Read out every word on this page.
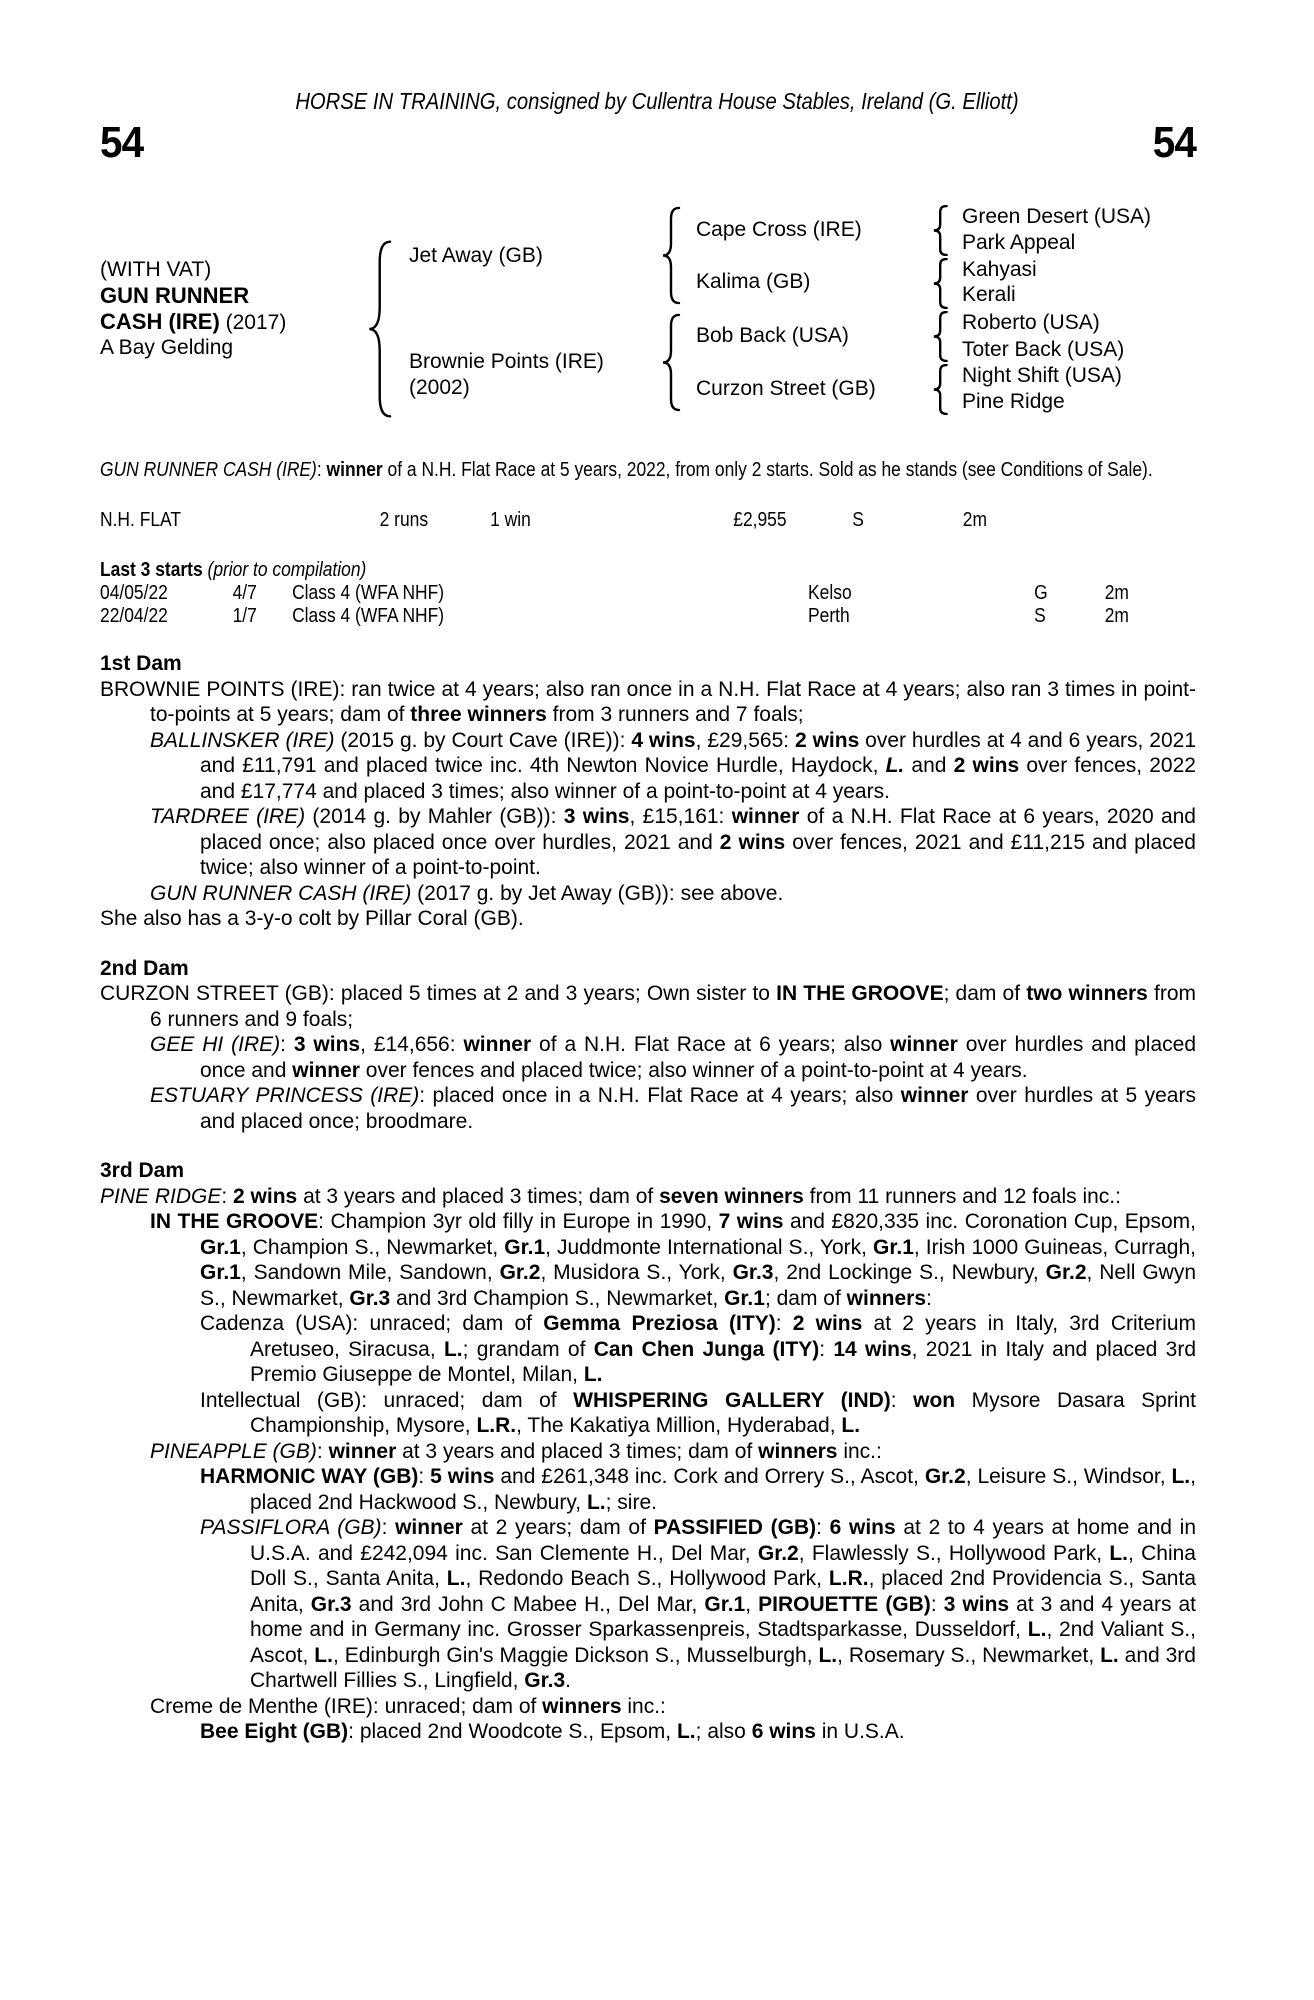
HORSE IN TRAINING, consigned by Cullentra House Stables, Ireland (G. Elliott)
54	54
(WITH VAT)
GUN RUNNER
CASH (IRE) (2017)
A Bay Gelding
Jet Away (GB)
Brownie Points (IRE)
(2002)
Cape Cross (IRE)
Kalima (GB)
Bob Back (USA)
Curzon Street (GB)
Green Desert (USA)
Park Appeal
Kahyasi
Kerali
Roberto (USA)
Toter Back (USA)
Night Shift (USA)
Pine Ridge
GUN RUNNER CASH (IRE): winner of a N.H. Flat Race at 5 years, 2022, from only 2 starts. Sold as he stands (see Conditions of Sale).
N.H. FLAT	2 runs	1 win	£2,955	S	2m
Last 3 starts (prior to compilation)
04/05/22	4/7 Class 4 (WFA NHF)	Kelso	G	2m
22/04/22	1/7 Class 4 (WFA NHF)	Perth	S	2m
1st Dam
BROWNIE POINTS (IRE): ran twice at 4 years; also ran once in a N.H. Flat Race at 4 years; also ran 3 times in point-to-points at 5 years; dam of three winners from 3 runners and 7 foals;
BALLINSKER (IRE) (2015 g. by Court Cave (IRE)): 4 wins, £29,565: 2 wins over hurdles at 4 and 6 years, 2021 and £11,791 and placed twice inc. 4th Newton Novice Hurdle, Haydock, L. and 2 wins over fences, 2022 and £17,774 and placed 3 times; also winner of a point-to-point at 4 years.
TARDREE (IRE) (2014 g. by Mahler (GB)): 3 wins, £15,161: winner of a N.H. Flat Race at 6 years, 2020 and placed once; also placed once over hurdles, 2021 and 2 wins over fences, 2021 and £11,215 and placed twice; also winner of a point-to-point.
GUN RUNNER CASH (IRE) (2017 g. by Jet Away (GB)): see above.
She also has a 3-y-o colt by Pillar Coral (GB).
2nd Dam
CURZON STREET (GB): placed 5 times at 2 and 3 years; Own sister to IN THE GROOVE; dam of two winners from 6 runners and 9 foals;
GEE HI (IRE): 3 wins, £14,656: winner of a N.H. Flat Race at 6 years; also winner over hurdles and placed once and winner over fences and placed twice; also winner of a point-to-point at 4 years.
ESTUARY PRINCESS (IRE): placed once in a N.H. Flat Race at 4 years; also winner over hurdles at 5 years and placed once; broodmare.
3rd Dam
PINE RIDGE: 2 wins at 3 years and placed 3 times; dam of seven winners from 11 runners and 12 foals inc.:
IN THE GROOVE: Champion 3yr old filly in Europe in 1990, 7 wins and £820,335 inc. Coronation Cup, Epsom, Gr.1, Champion S., Newmarket, Gr.1, Juddmonte International S., York, Gr.1, Irish 1000 Guineas, Curragh, Gr.1, Sandown Mile, Sandown, Gr.2, Musidora S., York, Gr.3, 2nd Lockinge S., Newbury, Gr.2, Nell Gwyn S., Newmarket, Gr.3 and 3rd Champion S., Newmarket, Gr.1; dam of winners:
Cadenza (USA): unraced; dam of Gemma Preziosa (ITY): 2 wins at 2 years in Italy, 3rd Criterium Aretuseo, Siracusa, L.; grandam of Can Chen Junga (ITY): 14 wins, 2021 in Italy and placed 3rd Premio Giuseppe de Montel, Milan, L.
Intellectual (GB): unraced; dam of WHISPERING GALLERY (IND): won Mysore Dasara Sprint Championship, Mysore, L.R., The Kakatiya Million, Hyderabad, L.
PINEAPPLE (GB): winner at 3 years and placed 3 times; dam of winners inc.:
HARMONIC WAY (GB): 5 wins and £261,348 inc. Cork and Orrery S., Ascot, Gr.2, Leisure S., Windsor, L., placed 2nd Hackwood S., Newbury, L.; sire.
PASSIFLORA (GB): winner at 2 years; dam of PASSIFIED (GB): 6 wins at 2 to 4 years at home and in U.S.A. and £242,094 inc. San Clemente H., Del Mar, Gr.2, Flawlessly S., Hollywood Park, L., China Doll S., Santa Anita, L., Redondo Beach S., Hollywood Park, L.R., placed 2nd Providencia S., Santa Anita, Gr.3 and 3rd John C Mabee H., Del Mar, Gr.1, PIROUETTE (GB): 3 wins at 3 and 4 years at home and in Germany inc. Grosser Sparkassenpreis, Stadtsparkasse, Dusseldorf, L., 2nd Valiant S., Ascot, L., Edinburgh Gin's Maggie Dickson S., Musselburgh, L., Rosemary S., Newmarket, L. and 3rd Chartwell Fillies S., Lingfield, Gr.3.
Creme de Menthe (IRE): unraced; dam of winners inc.:
Bee Eight (GB): placed 2nd Woodcote S., Epsom, L.; also 6 wins in U.S.A.
